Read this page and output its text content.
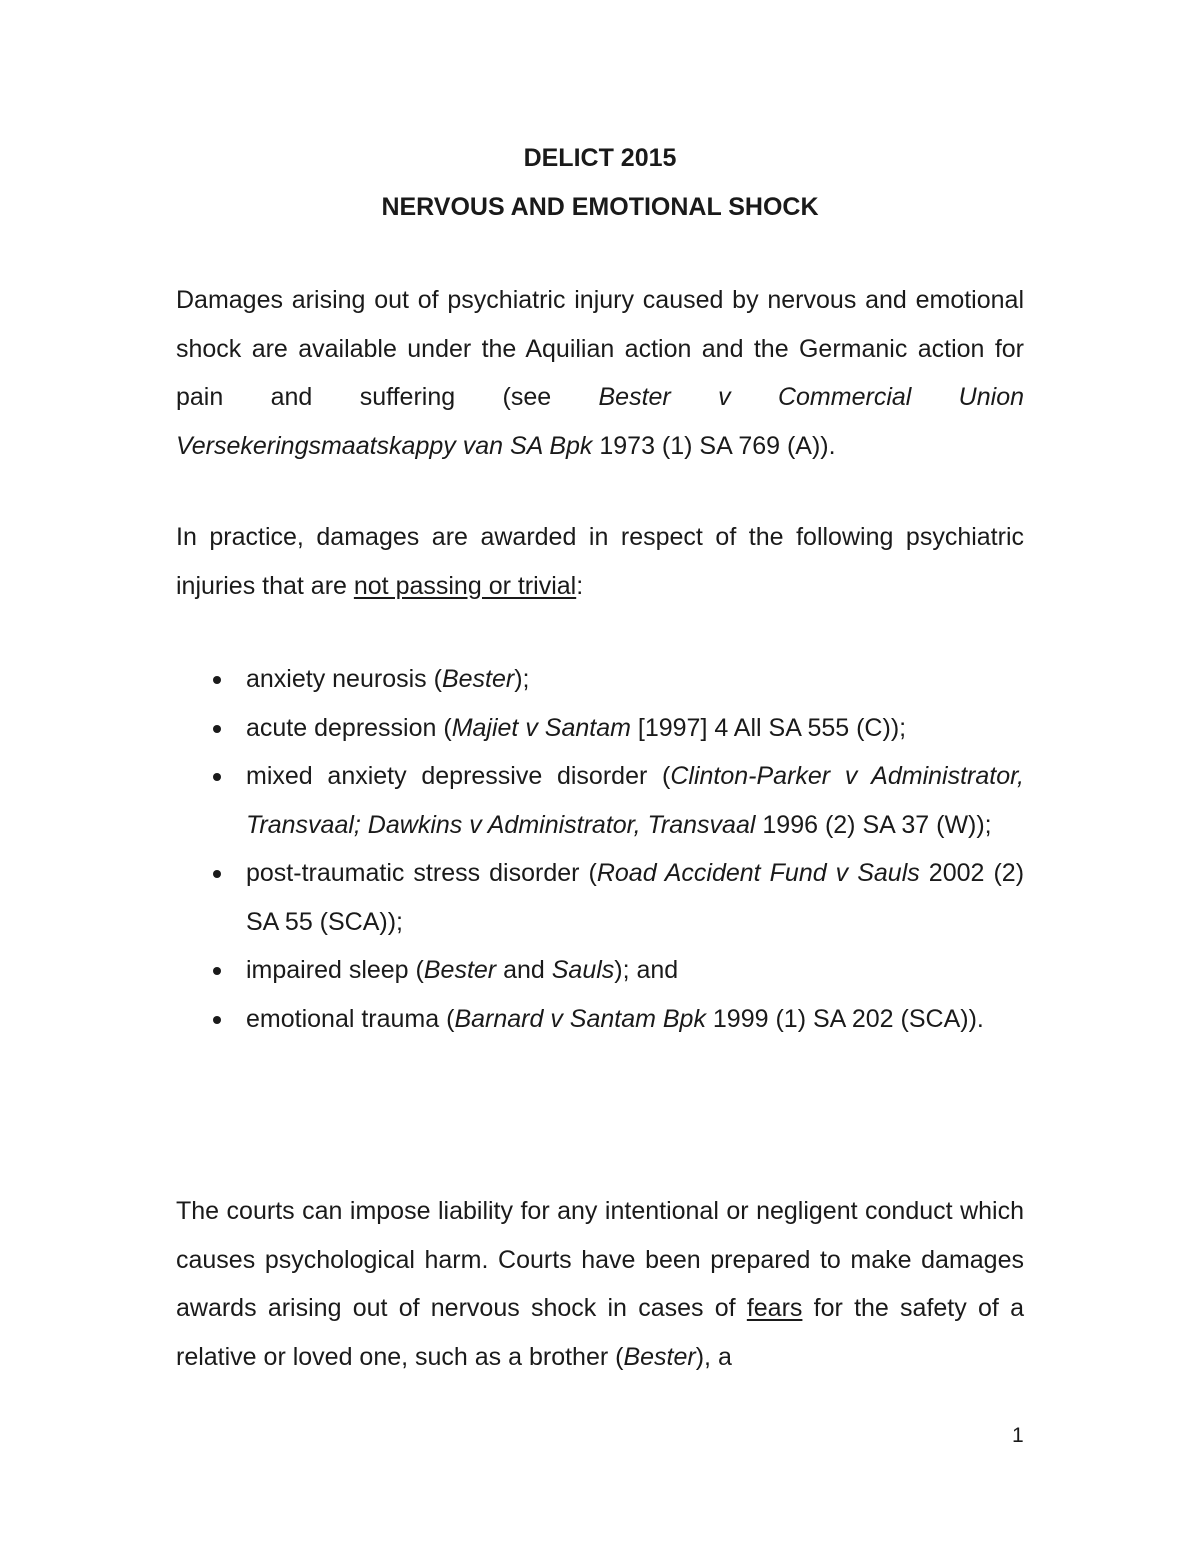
DELICT 2015
NERVOUS AND EMOTIONAL SHOCK

Damages arising out of psychiatric injury caused by nervous and emotional shock are available under the Aquilian action and the Germanic action for pain and suffering (see Bester v Commercial Union Versekeringsmaatskappy van SA Bpk 1973 (1) SA 769 (A)).

In practice, damages are awarded in respect of the following psychiatric injuries that are not passing or trivial:

anxiety neurosis (Bester);
acute depression (Majiet v Santam [1997] 4 All SA 555 (C));
mixed anxiety depressive disorder (Clinton-Parker v Administrator, Transvaal; Dawkins v Administrator, Transvaal 1996 (2) SA 37 (W));
post-traumatic stress disorder (Road Accident Fund v Sauls 2002 (2) SA 55 (SCA));
impaired sleep (Bester and Sauls); and
emotional trauma (Barnard v Santam Bpk 1999 (1) SA 202 (SCA)).

The courts can impose liability for any intentional or negligent conduct which causes psychological harm. Courts have been prepared to make damages awards arising out of nervous shock in cases of fears for the safety of a relative or loved one, such as a brother (Bester), a

1
